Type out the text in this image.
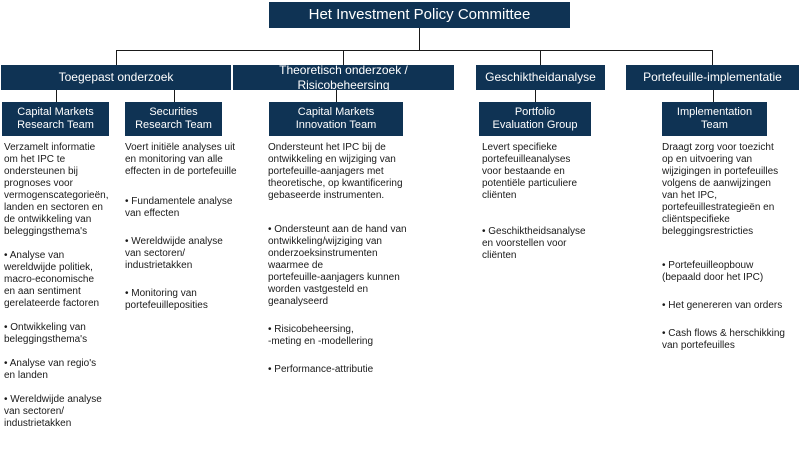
Het Investment Policy Committee
Toegepast onderzoek
Theoretisch onderzoek / Risicobeheersing
Geschiktheidanalyse	Portefeuille-implementatie
Capital Markets
Research Team
Securities
Research Team
Capital Markets
Innovation Team
Portfolio
Evaluation Group
Implementation
Team
Verzamelt informatie
om het IPC te
ondersteunen bij
prognoses voor
vermogenscategorieën,
landen en sectoren en
de ontwikkeling van
beleggingsthema's
• Analyse van
wereldwijde politiek,
macro-economische
en aan sentiment
gerelateerde factoren
• Ontwikkeling van
beleggingsthema's
• Analyse van regio's
en landen
• Wereldwijde analyse
van sectoren/
industrietakken
Voert initiële analyses uit
en monitoring van alle
effecten in de portefeuille
• Fundamentele analyse
van effecten
• Wereldwijde analyse
van sectoren/
industrietakken
• Monitoring van
portefeuilleposities
Ondersteunt het IPC bij de
ontwikkeling en wijziging van
portefeuille-aanjagers met
theoretische, op kwantificering
gebaseerde instrumenten.
• Ondersteunt aan de hand van
ontwikkeling/wijziging van
onderzoeksinstrumenten
waarmee de
portefeuille-aanjagers kunnen
worden vastgesteld en
geanalyseerd
• Risicobeheersing,
-meting en -modellering
• Performance-attributie
Levert specifieke
portefeuilleanalyses
voor bestaande en
potentiële particuliere
cliënten
• Geschiktheidsanalyse
en voorstellen voor
cliënten
Draagt zorg voor toezicht
op en uitvoering van
wijzigingen in portefeuilles
volgens de aanwijzingen
van het IPC,
portefeuillestrategieën en
cliëntspecifieke
beleggingsrestricties
• Portefeuilleopbouw
(bepaald door het IPC)
• Het genereren van orders
• Cash flows & herschikking
van portefeuilles
